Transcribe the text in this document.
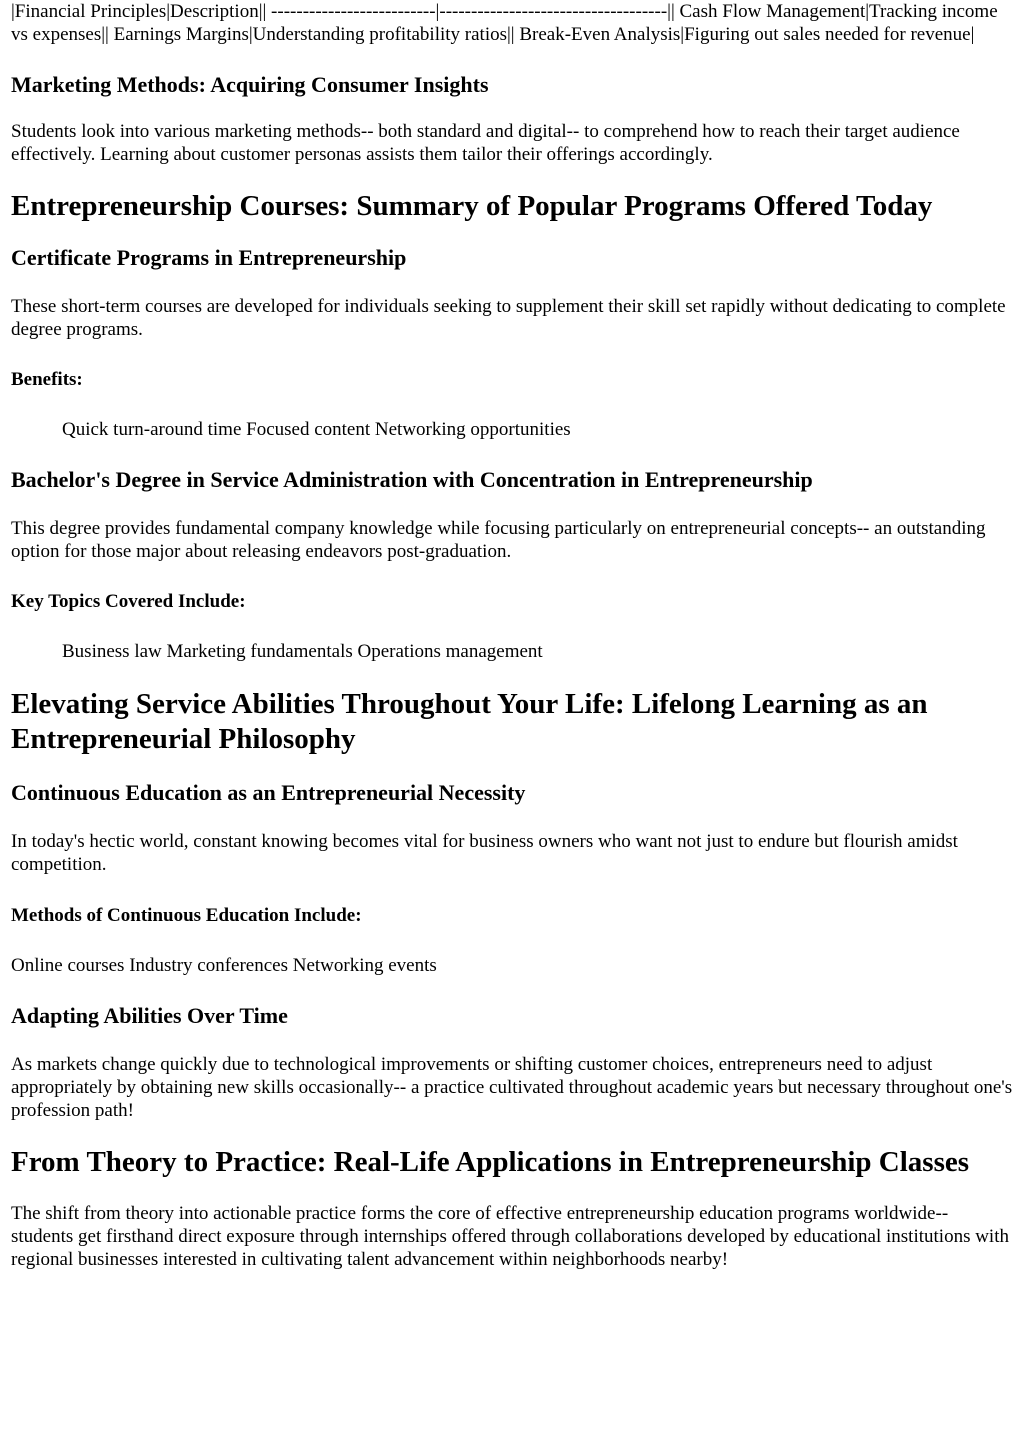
|Financial Principles|Description|| --------------------------|------------------------------------|| Cash Flow Management|Tracking income vs expenses|| Earnings Margins|Understanding profitability ratios|| Break-Even Analysis|Figuring out sales needed for revenue|

Marketing Methods: Acquiring Consumer Insights

Students look into various marketing methods-- both standard and digital-- to comprehend how to reach their target audience effectively. Learning about customer personas assists them tailor their offerings accordingly.

Entrepreneurship Courses: Summary of Popular Programs Offered Today
Certificate Programs in Entrepreneurship

These short-term courses are developed for individuals seeking to supplement their skill set rapidly without dedicating to complete degree programs.

Benefits:

Quick turn-around time Focused content Networking opportunities

Bachelor's Degree in Service Administration with Concentration in Entrepreneurship

This degree provides fundamental company knowledge while focusing particularly on entrepreneurial concepts-- an outstanding option for those major about releasing endeavors post-graduation.

Key Topics Covered Include:

Business law Marketing fundamentals Operations management

Elevating Service Abilities Throughout Your Life: Lifelong Learning as an Entrepreneurial Philosophy
Continuous Education as an Entrepreneurial Necessity

In today's hectic world, constant knowing becomes vital for business owners who want not just to endure but flourish amidst competition.

Methods of Continuous Education Include:

Online courses Industry conferences Networking events

Adapting Abilities Over Time

As markets change quickly due to technological improvements or shifting customer choices, entrepreneurs need to adjust appropriately by obtaining new skills occasionally-- a practice cultivated throughout academic years but necessary throughout one's profession path!

From Theory to Practice: Real-Life Applications in Entrepreneurship Classes

The shift from theory into actionable practice forms the core of effective entrepreneurship education programs worldwide-- students get firsthand direct exposure through internships offered through collaborations developed by educational institutions with regional businesses interested in cultivating talent advancement within neighborhoods nearby!
